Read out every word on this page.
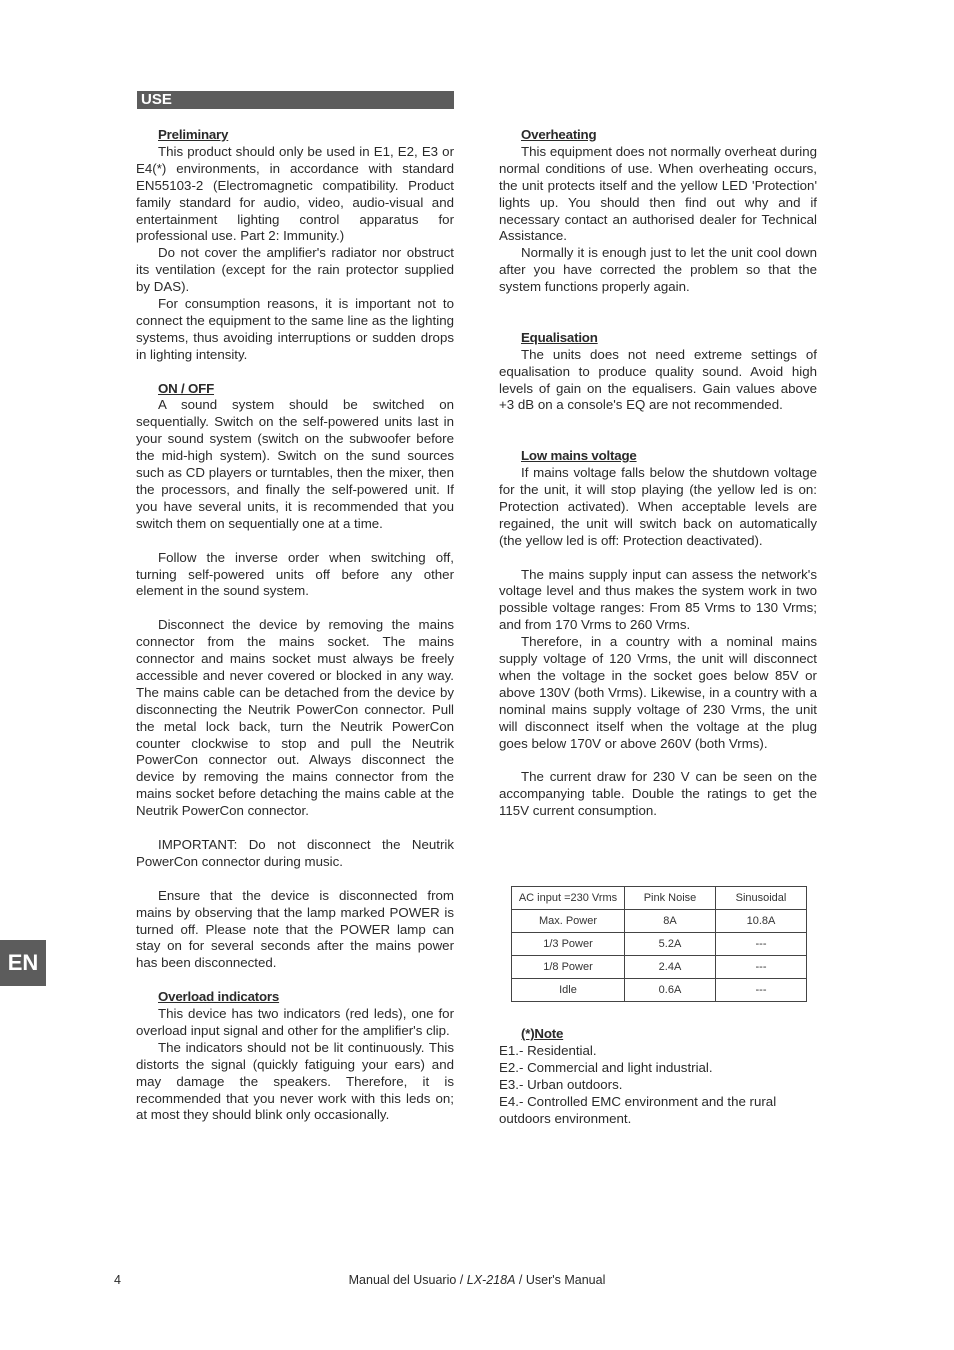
USE
EN

Preliminary

This product should only be used in E1, E2, E3 or E4(*) environments, in accordance with standard EN55103-2 (Electromagnetic compatibility. Product family standard for audio, video, audio-visual and entertainment lighting control apparatus for professional use. Part 2: Immunity.)

Do not cover the amplifier's radiator nor obstruct its ventilation (except for the rain protector supplied by DAS).

For consumption reasons, it is important not to connect the equipment to the same line as the lighting systems, thus avoiding interruptions or sudden drops in lighting intensity.

ON / OFF

A sound system should be switched on sequentially. Switch on the self-powered units last in your sound system (switch on the subwoofer before the mid-high system). Switch on the sund sources such as CD players or turntables, then the mixer, then the processors, and finally the self-powered unit. If you have several units, it is recommended that you switch them on sequentially one at a time.

Follow the inverse order when switching off, turning self-powered units off before any other element in the sound system.

Disconnect the device by removing the mains connector from the mains socket. The mains connector and mains socket must always be freely accessible and never covered or blocked in any way. The mains cable can be detached from the device by disconnecting the Neutrik PowerCon connector. Pull the metal lock back, turn the Neutrik PowerCon counter clockwise to stop and pull the Neutrik PowerCon connector out. Always disconnect the device by removing the mains connector from the mains socket before detaching the mains cable at the Neutrik PowerCon connector.

IMPORTANT: Do not disconnect the Neutrik PowerCon connector during music.

Ensure that the device is disconnected from mains by observing that the lamp marked POWER is turned off. Please note that the POWER lamp can stay on for several seconds after the mains power has been disconnected.

Overload indicators

This device has two indicators (red leds), one for overload input signal and other for the amplifier's clip.

The indicators should not be lit continuously. This distorts the signal (quickly fatiguing your ears) and may damage the speakers. Therefore, it is recommended that you never work with this leds on; at most they should blink only occasionally.

Overheating

This equipment does not normally overheat during normal conditions of use. When overheating occurs, the unit protects itself and the yellow LED 'Protection' lights up. You should then find out why and if necessary contact an authorised dealer for Technical Assistance.

Normally it is enough just to let the unit cool down after you have corrected the problem so that the system functions properly again.

Equalisation

The units does not need extreme settings of equalisation to produce quality sound. Avoid high levels of gain on the equalisers. Gain values above +3 dB on a console's EQ are not recommended.

Low mains voltage

If mains voltage falls below the shutdown voltage for the unit, it will stop playing (the yellow led is on: Protection activated). When acceptable levels are regained, the unit will switch back on automatically (the yellow led is off: Protection deactivated).

The mains supply input can assess the network's voltage level and thus makes the system work in two possible voltage ranges: From 85 Vrms to 130 Vrms; and from 170 Vrms to 260 Vrms.

Therefore, in a country with a nominal mains supply voltage of 120 Vrms, the unit will disconnect when the voltage in the socket goes below 85V or above 130V (both Vrms). Likewise, in a country with a nominal mains supply voltage of 230 Vrms, the unit will disconnect itself when the voltage at the plug goes below 170V or above 260V (both Vrms).

The current draw for 230 V can be seen on the accompanying table. Double the ratings to get the 115V current consumption.

AC input =230 Vrms	Pink Noise	Sinusoidal
Max. Power	8A	10.8A
1/3 Power	5.2A	---
1/8 Power	2.4A	---
Idle	0.6A	---

(*)Note

E1.- Residential.

E2.- Commercial and light industrial.

E3.- Urban outdoors.

E4.- Controlled EMC environment and the rural outdoors environment.

4	Manual del Usuario / LX-218A / User's Manual
